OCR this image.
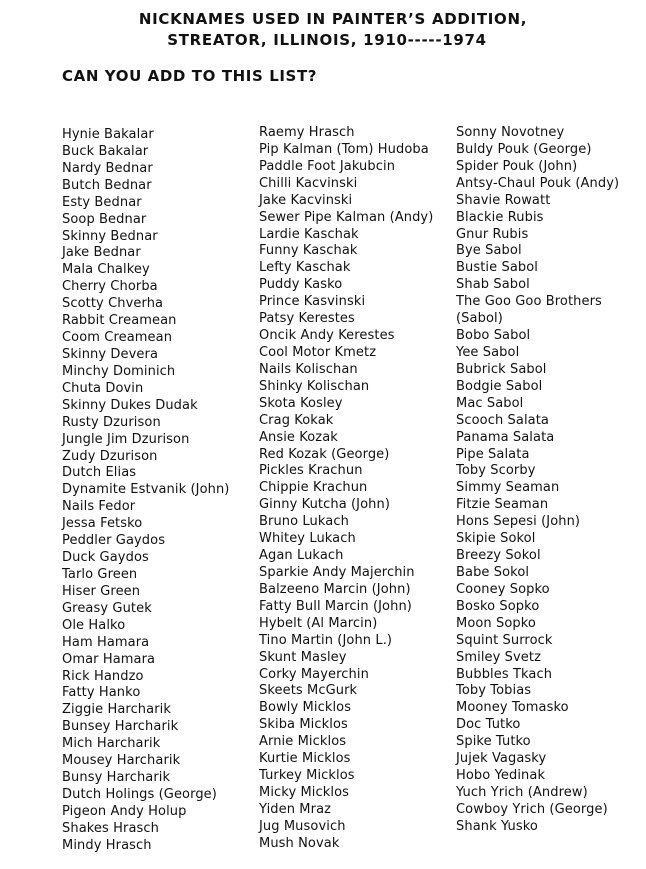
NICKNAMES USED IN PAINTER’S ADDITION,
STREATOR, ILLINOIS, 1910-----1974
CAN YOU ADD TO THIS LIST?
Hynie Bakalar
Buck Bakalar
Nardy Bednar
Butch Bednar
Esty Bednar
Soop Bednar
Skinny Bednar
Jake Bednar
Mala Chalkey
Cherry Chorba
Scotty Chverha
Rabbit Creamean
Coom Creamean
Skinny Devera
Minchy Dominich
Chuta Dovin
Skinny Dukes Dudak
Rusty Dzurison
Jungle Jim Dzurison
Zudy Dzurison
Dutch Elias
Dynamite Estvanik (John)
Nails Fedor
Jessa Fetsko
Peddler Gaydos
Duck Gaydos
Tarlo Green
Hiser Green
Greasy Gutek
Ole Halko
Ham Hamara
Omar Hamara
Rick Handzo
Fatty Hanko
Ziggie Harcharik
Bunsey Harcharik
Mich Harcharik
Mousey Harcharik
Bunsy Harcharik
Dutch Holings (George)
Pigeon Andy Holup
Shakes Hrasch
Mindy Hrasch
Raemy Hrasch
Pip Kalman (Tom) Hudoba
Paddle Foot Jakubcin
Chilli Kacvinski
Jake Kacvinski
Sewer Pipe Kalman (Andy)
Lardie Kaschak
Funny Kaschak
Lefty Kaschak
Puddy Kasko
Prince Kasvinski
Patsy Kerestes
Oncik Andy Kerestes
Cool Motor Kmetz
Nails Kolischan
Shinky Kolischan
Skota Kosley
Crag Kokak
Ansie Kozak
Red Kozak (George)
Pickles Krachun
Chippie Krachun
Ginny Kutcha (John)
Bruno Lukach
Whitey Lukach
Agan Lukach
Sparkie Andy Majerchin
Balzeeno Marcin (John)
Fatty Bull Marcin (John)
Hybelt (Al Marcin)
Tino Martin (John L.)
Skunt Masley
Corky Mayerchin
Skeets McGurk
Bowly Micklos
Skiba Micklos
Arnie Micklos
Kurtie Micklos
Turkey Micklos
Micky Micklos
Yiden Mraz
Jug Musovich
Mush Novak
Sonny Novotney
Buldy Pouk (George)
Spider Pouk (John)
Antsy-Chaul Pouk (Andy)
Shavie Rowatt
Blackie Rubis
Gnur Rubis
Bye Sabol
Bustie Sabol
Shab Sabol
The Goo Goo Brothers
(Sabol)
Bobo Sabol
Yee Sabol
Bubrick Sabol
Bodgie Sabol
Mac Sabol
Scooch Salata
Panama Salata
Pipe Salata
Toby Scorby
Simmy Seaman
Fitzie Seaman
Hons Sepesi (John)
Skipie Sokol
Breezy Sokol
Babe Sokol
Cooney Sopko
Bosko Sopko
Moon Sopko
Squint Surrock
Smiley Svetz
Bubbles Tkach
Toby Tobias
Mooney Tomasko
Doc Tutko
Spike Tutko
Jujek Vagasky
Hobo Yedinak
Yuch Yrich (Andrew)
Cowboy Yrich (George)
Shank Yusko
